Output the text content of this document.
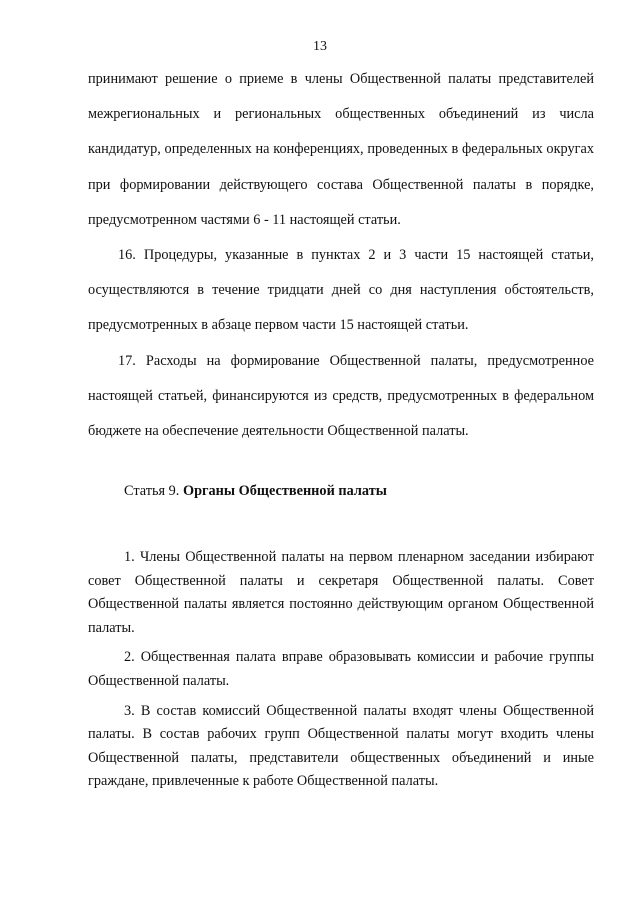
13

принимают решение о приеме в члены Общественной палаты представителей межрегиональных и региональных общественных объединений из числа кандидатур, определенных на конференциях, проведенных в федеральных округах при формировании действующего состава Общественной палаты в порядке, предусмотренном частями 6 - 11 настоящей статьи.

16. Процедуры, указанные в пунктах 2 и 3 части 15 настоящей статьи, осуществляются в течение тридцати дней со дня наступления обстоятельств, предусмотренных в абзаце первом части 15 настоящей статьи.

17. Расходы на формирование Общественной палаты, предусмотренное настоящей статьей, финансируются из средств, предусмотренных в федеральном бюджете на обеспечение деятельности Общественной палаты.

Статья 9. Органы Общественной палаты

1. Члены Общественной палаты на первом пленарном заседании избирают совет Общественной палаты и секретаря Общественной палаты. Совет Общественной палаты является постоянно действующим органом Общественной палаты.

2. Общественная палата вправе образовывать комиссии и рабочие группы Общественной палаты.

3. В состав комиссий Общественной палаты входят члены Общественной палаты. В состав рабочих групп Общественной палаты могут входить члены Общественной палаты, представители общественных объединений и иные граждане, привлеченные к работе Общественной палаты.
